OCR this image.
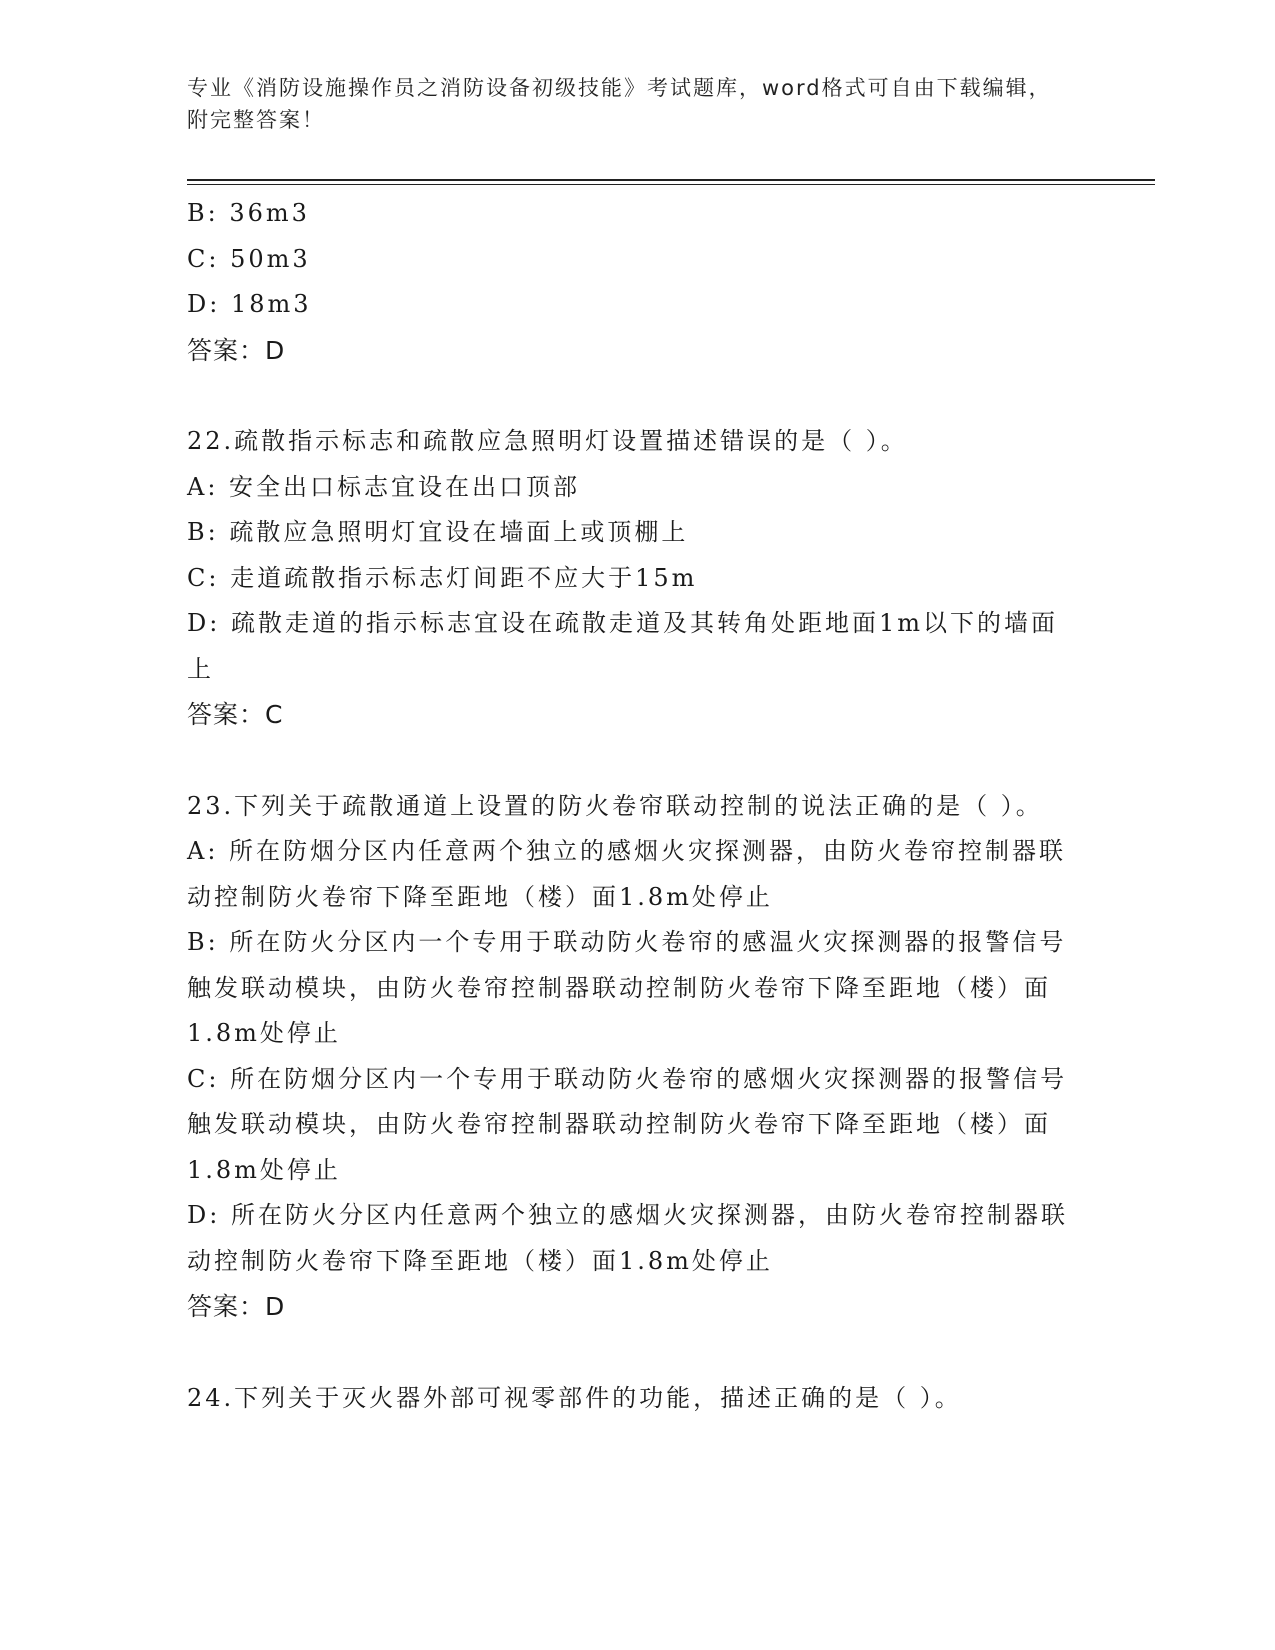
专业《消防设施操作员之消防设备初级技能》考试题库，word格式可自由下载编辑，附完整答案！
B: 36m3
C: 50m3
D: 18m3
答案：D
22.疏散指示标志和疏散应急照明灯设置描述错误的是（ ）。
A: 安全出口标志宜设在出口顶部
B: 疏散应急照明灯宜设在墙面上或顶棚上
C: 走道疏散指示标志灯间距不应大于15m
D: 疏散走道的指示标志宜设在疏散走道及其转角处距地面1m以下的墙面上
答案：C
23.下列关于疏散通道上设置的防火卷帘联动控制的说法正确的是（ ）。
A: 所在防烟分区内任意两个独立的感烟火灾探测器，由防火卷帘控制器联动控制防火卷帘下降至距地（楼）面1.8m处停止
B: 所在防火分区内一个专用于联动防火卷帘的感温火灾探测器的报警信号触发联动模块，由防火卷帘控制器联动控制防火卷帘下降至距地（楼）面1.8m处停止
C: 所在防烟分区内一个专用于联动防火卷帘的感烟火灾探测器的报警信号触发联动模块，由防火卷帘控制器联动控制防火卷帘下降至距地（楼）面1.8m处停止
D: 所在防火分区内任意两个独立的感烟火灾探测器，由防火卷帘控制器联动控制防火卷帘下降至距地（楼）面1.8m处停止
答案：D
24.下列关于灭火器外部可视零部件的功能，描述正确的是（ ）。
